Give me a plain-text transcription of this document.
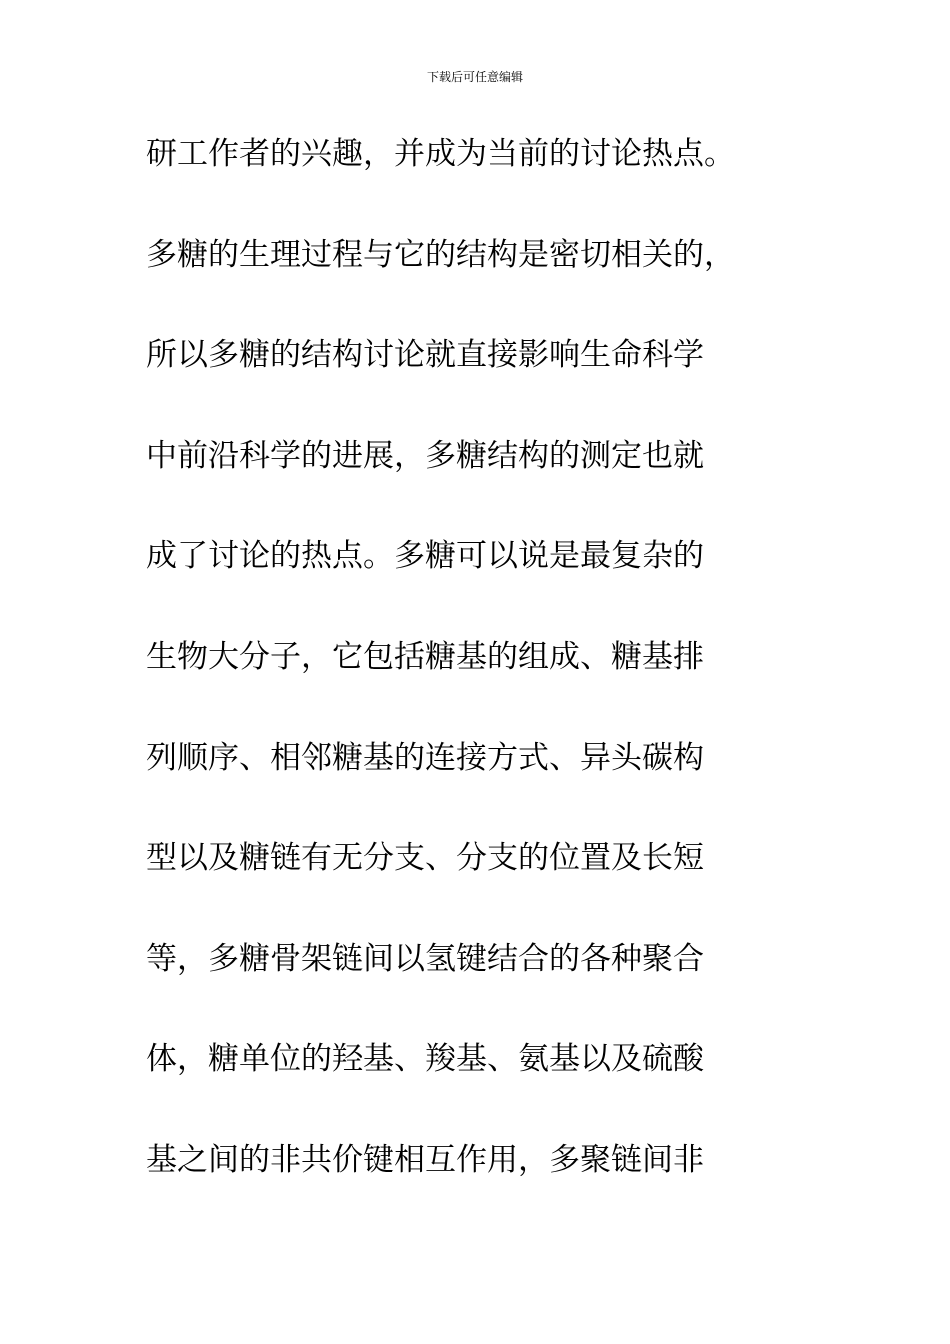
下载后可任意编辑
研工作者的兴趣，并成为当前的讨论热点。
多糖的生理过程与它的结构是密切相关的，
所以多糖的结构讨论就直接影响生命科学
中前沿科学的进展，多糖结构的测定也就
成了讨论的热点。多糖可以说是最复杂的
生物大分子，它包括糖基的组成、糖基排
列顺序、相邻糖基的连接方式、异头碳构
型以及糖链有无分支、分支的位置及长短
等，多糖骨架链间以氢键结合的各种聚合
体，糖单位的羟基、羧基、氨基以及硫酸
基之间的非共价键相互作用，多聚链间非
